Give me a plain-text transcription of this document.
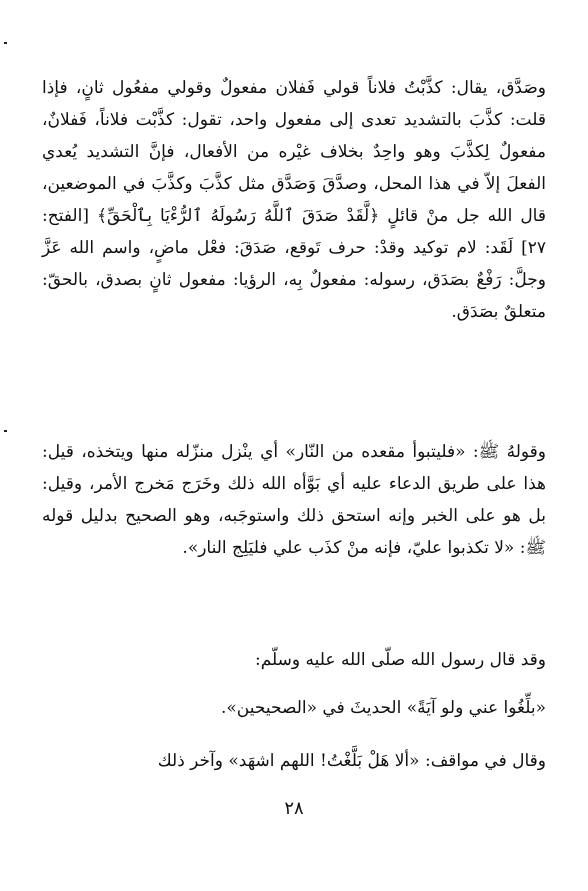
وصَدَّق، يقال: كذَّبْتُ فلاناً قولي فَفلان مفعولٌ وقولي مفعُول ثانٍ، فإذا قلت: كذَّبَ بالتشديد تعدى إلى مفعول واحد، تقول: كذَّبْت فلاناً، فَفلانٌ، مفعولٌ لِكذَّبَ وهو واحِدٌ بخلاف غيْره من الأفعال، فإنَّ التشديد يُعدي الفعلَ إلاّ في هذا المحل، وصدَّقَ وَصَدَّق مثل كذَّبَ وكذَّبَ في الموضعين، قال الله جل منْ قائلٍ ﴿لَّقَدْ صَدَقَ ٱللَّهُ رَسُولَهُ ٱلرُّءْيَا بِٱلْحَقِّ﴾ [الفتح: ٢٧] لَقَد: لام توكيد وقدْ: حرف تَوقع، صَدَقَ: فعْل ماضٍ، واسم الله عَزَّ وجلَّ: رَفْعٌ بصَدَق، رسوله: مفعولٌ بِه، الرؤيا: مفعول ثانٍ بصدق، بالحقّ: متعلقٌ بصَدَق.

وقولهُ ﷺ: «فليتبوأ مقعده من النّار» أي ينْزل منزّله منها ويتخذه، قيل: هذا على طريق الدعاء عليه أي بَوَّأه الله ذلك وخَرَج مَخرج الأمر، وقيل: بل هو على الخبر وإنه استحق ذلك واستوجَبه، وهو الصحيح بدليل قوله ﷺ: «لا تكذبوا عليّ، فإنه منْ كذَب علي فليَلِج النار».

وقد قال رسول الله صلّى الله عليه وسلّم:

«بلِّغُوا عني ولو آيَةً» الحديثَ في «الصحيحين».

وقال في مواقف: «ألا هَلْ بَلَّغْتُ! اللهم اشهَد» وآخر ذلك

٢٨
